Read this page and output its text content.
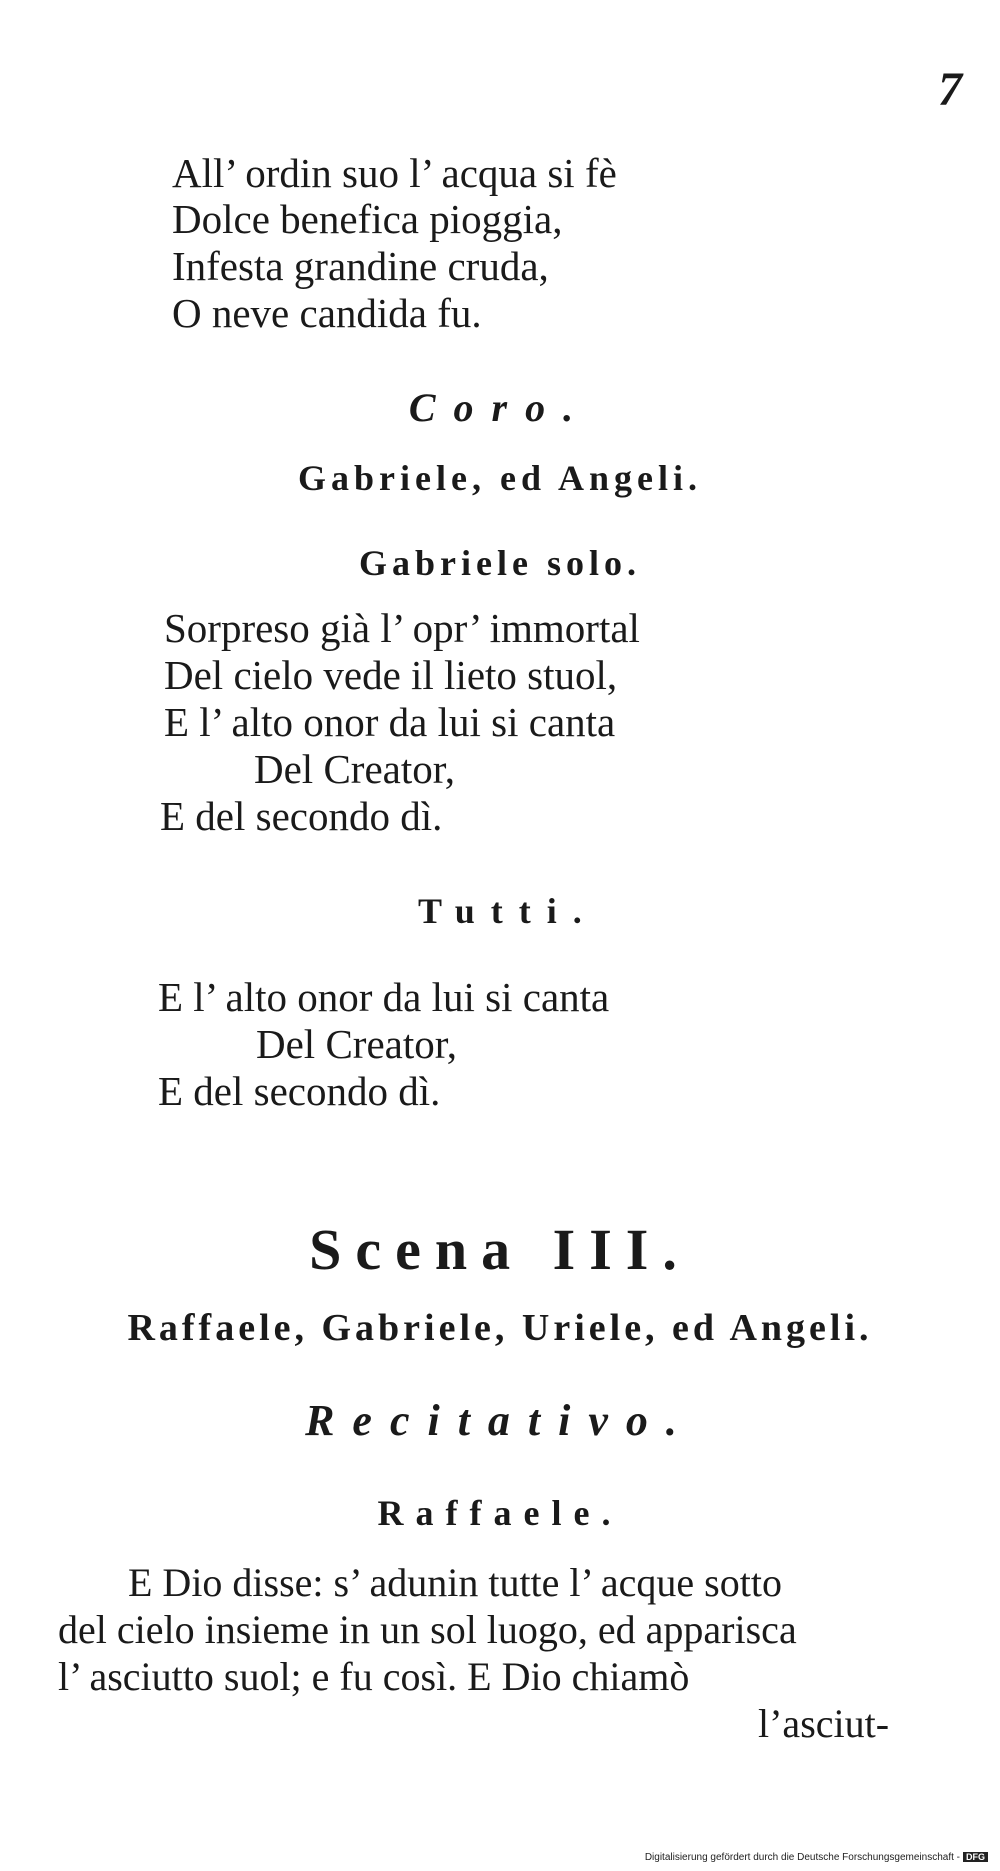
7
All’ ordin suo l’ acqua si fè
Dolce benefica pioggia,
Infesta grandine cruda,
O neve candida fu.
Coro.
Gabriele, ed Angeli.
Gabriele solo.
Sorpreso già l’ opr’ immortal
Del cielo vede il lieto stuol,
E l’ alto onor da lui si canta
Del Creator,
E del secondo dì.
Tutti.
E l’ alto onor da lui si canta
Del Creator,
E del secondo dì.
Scena III.
Raffaele, Gabriele, Uriele, ed Angeli.
Recitativo.
Raffaele.
E Dio disse: s’ adunin tutte l’ acque sotto
del cielo insieme in un sol luogo, ed apparisca
l’ asciutto suol; e fu così. E Dio chiamò
l’asciut-
Digitalisierung gefördert durch die Deutsche Forschungsgemeinschaft - DFG
